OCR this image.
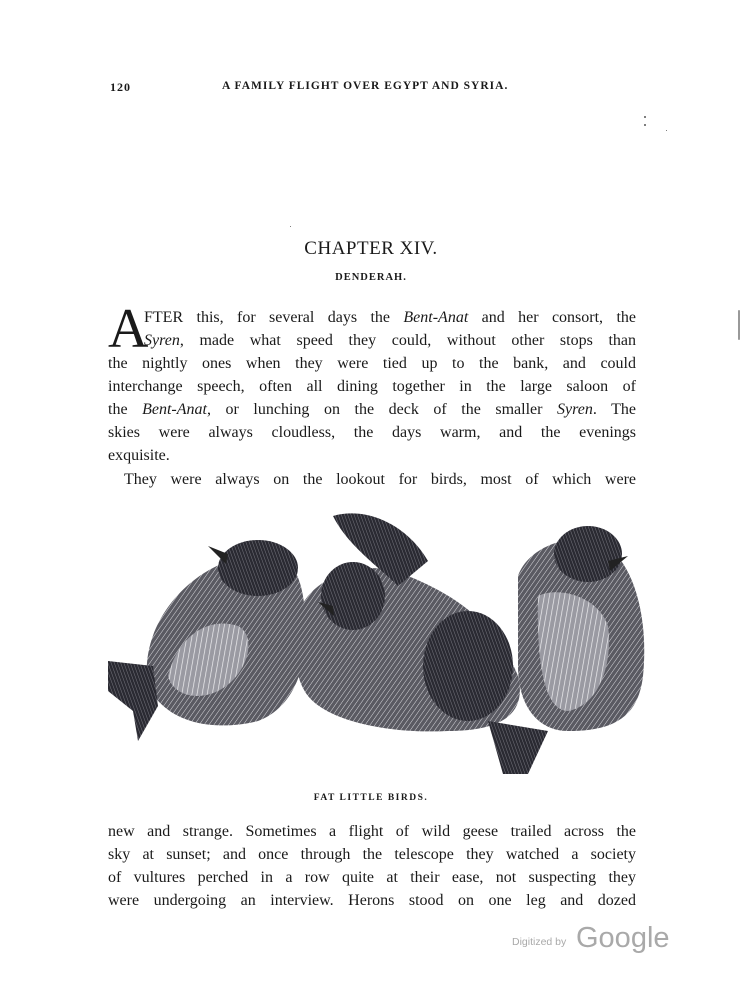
120	A FAMILY FLIGHT OVER EGYPT AND SYRIA.
CHAPTER XIV.
DENDERAH.
A
FTER this, for several days the Bent-Anat and her consort, the
Syren, made what speed they could, without other stops than
the nightly ones when they were tied up to the bank, and could
interchange speech, often all dining together in the large saloon of
the Bent-Anat, or lunching on the deck of the smaller Syren. The
skies were always cloudless, the days warm, and the evenings
exquisite.
They were always on the lookout for birds, most of which were
FAT LITTLE BIRDS.
new and strange. Sometimes a flight of wild geese trailed across the
sky at sunset; and once through the telescope they watched a society
of vultures perched in a row quite at their ease, not suspecting they
were undergoing an interview. Herons stood on one leg and dozed
Digitized by Google
